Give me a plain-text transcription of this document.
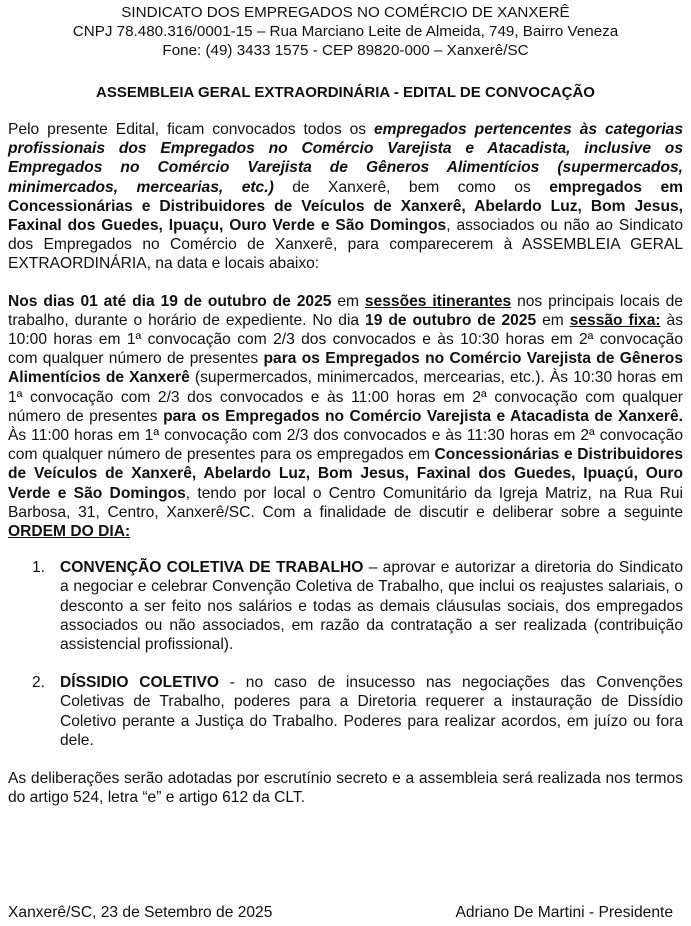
SINDICATO DOS EMPREGADOS NO COMÉRCIO DE XANXERÊ
CNPJ 78.480.316/0001-15 – Rua Marciano Leite de Almeida, 749, Bairro Veneza
Fone: (49) 3433 1575 - CEP 89820-000 – Xanxerê/SC
ASSEMBLEIA GERAL EXTRAORDINÁRIA - EDITAL DE CONVOCAÇÃO

Pelo presente Edital, ficam convocados todos os empregados pertencentes às categorias profissionais dos Empregados no Comércio Varejista e Atacadista, inclusive os Empregados no Comércio Varejista de Gêneros Alimentícios (supermercados, minimercados, mercearias, etc.) de Xanxerê, bem como os empregados em Concessionárias e Distribuidores de Veículos de Xanxerê, Abelardo Luz, Bom Jesus, Faxinal dos Guedes, Ipuaçu, Ouro Verde e São Domingos, associados ou não ao Sindicato dos Empregados no Comércio de Xanxerê, para comparecerem à ASSEMBLEIA GERAL EXTRAORDINÁRIA, na data e locais abaixo:

Nos dias 01 até dia 19 de outubro de 2025 em sessões itinerantes nos principais locais de trabalho, durante o horário de expediente. No dia 19 de outubro de 2025 em sessão fixa: às 10:00 horas em 1ª convocação com 2/3 dos convocados e às 10:30 horas em 2ª convocação com qualquer número de presentes para os Empregados no Comércio Varejista de Gêneros Alimentícios de Xanxerê (supermercados, minimercados, mercearias, etc.). Às 10:30 horas em 1ª convocação com 2/3 dos convocados e às 11:00 horas em 2ª convocação com qualquer número de presentes para os Empregados no Comércio Varejista e Atacadista de Xanxerê. Às 11:00 horas em 1ª convocação com 2/3 dos convocados e às 11:30 horas em 2ª convocação com qualquer número de presentes para os empregados em Concessionárias e Distribuidores de Veículos de Xanxerê, Abelardo Luz, Bom Jesus, Faxinal dos Guedes, Ipuaçú, Ouro Verde e São Domingos, tendo por local o Centro Comunitário da Igreja Matriz, na Rua Rui Barbosa, 31, Centro, Xanxerê/SC. Com a finalidade de discutir e deliberar sobre a seguinte ORDEM DO DIA:

1. CONVENÇÃO COLETIVA DE TRABALHO – aprovar e autorizar a diretoria do Sindicato a negociar e celebrar Convenção Coletiva de Trabalho, que inclui os reajustes salariais, o desconto a ser feito nos salários e todas as demais cláusulas sociais, dos empregados associados ou não associados, em razão da contratação a ser realizada (contribuição assistencial profissional).
2. DÍSSIDIO COLETIVO - no caso de insucesso nas negociações das Convenções Coletivas de Trabalho, poderes para a Diretoria requerer a instauração de Dissídio Coletivo perante a Justiça do Trabalho. Poderes para realizar acordos, em juízo ou fora dele.

As deliberações serão adotadas por escrutínio secreto e a assembleia será realizada nos termos do artigo 524, letra “e” e artigo 612 da CLT.

Xanxerê/SC, 23 de Setembro de 2025	Adriano De Martini - Presidente
